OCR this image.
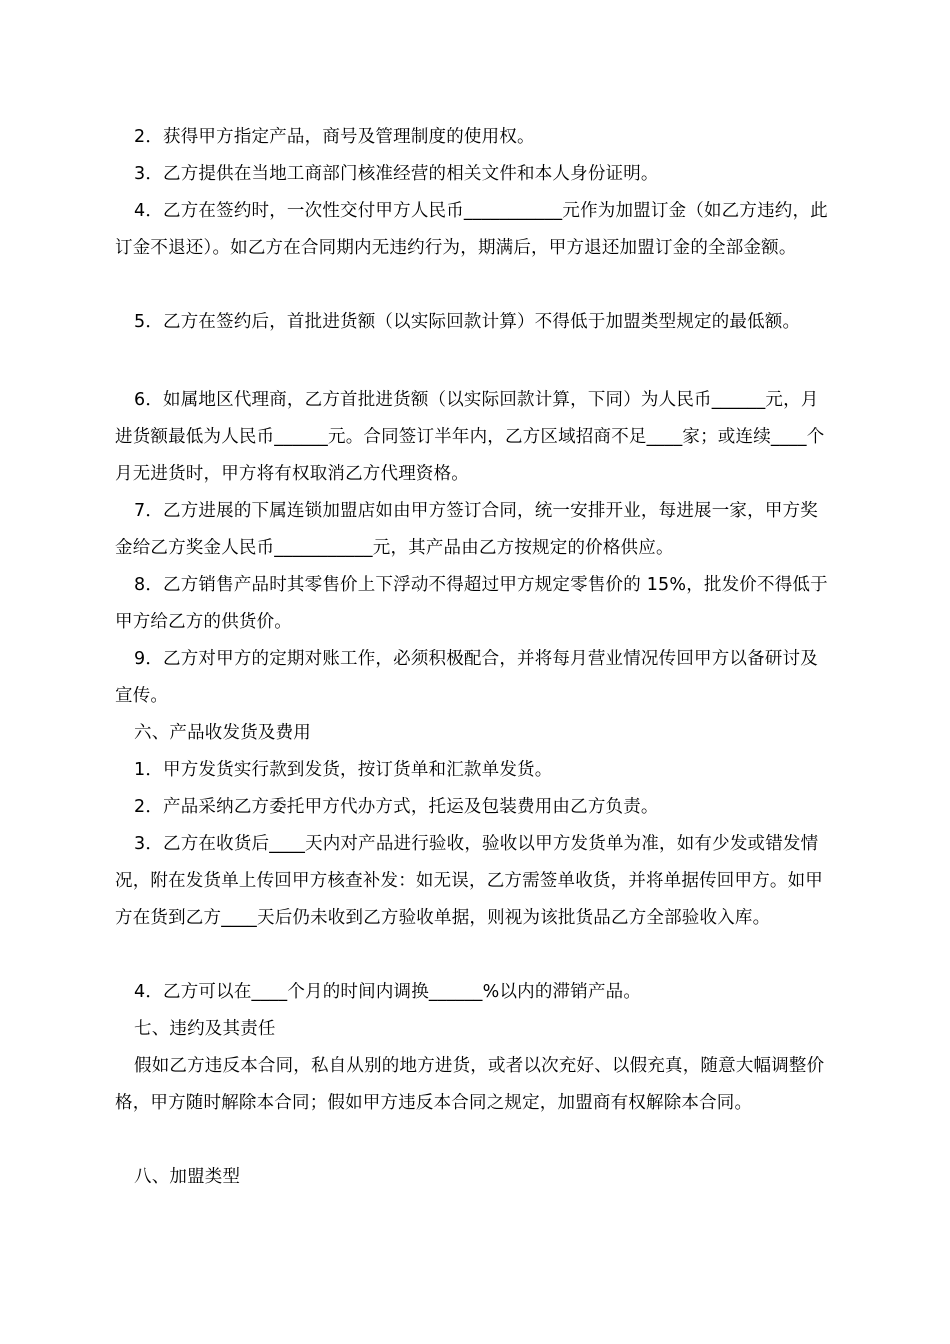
2．获得甲方指定产品，商号及管理制度的使用权。

3．乙方提供在当地工商部门核准经营的相关文件和本人身份证明。

4．乙方在签约时，一次性交付甲方人民币___________元作为加盟订金（如乙方违约，此订金不退还）。如乙方在合同期内无违约行为，期满后，甲方退还加盟订金的全部金额。

5．乙方在签约后，首批进货额（以实际回款计算）不得低于加盟类型规定的最低额。

6．如属地区代理商，乙方首批进货额（以实际回款计算，下同）为人民币______元，月进货额最低为人民币______元。合同签订半年内，乙方区域招商不足____家；或连续____个月无进货时，甲方将有权取消乙方代理资格。

7．乙方进展的下属连锁加盟店如由甲方签订合同，统一安排开业，每进展一家，甲方奖金给乙方奖金人民币___________元，其产品由乙方按规定的价格供应。

8．乙方销售产品时其零售价上下浮动不得超过甲方规定零售价的 15%，批发价不得低于甲方给乙方的供货价。

9．乙方对甲方的定期对账工作，必须积极配合，并将每月营业情况传回甲方以备研讨及宣传。

六、产品收发货及费用

1．甲方发货实行款到发货，按订货单和汇款单发货。

2．产品采纳乙方委托甲方代办方式，托运及包装费用由乙方负责。

3．乙方在收货后____天内对产品进行验收，验收以甲方发货单为准，如有少发或错发情况，附在发货单上传回甲方核查补发：如无误，乙方需签单收货，并将单据传回甲方。如甲方在货到乙方____天后仍未收到乙方验收单据，则视为该批货品乙方全部验收入库。

4．乙方可以在____个月的时间内调换______%以内的滞销产品。

七、违约及其责任

假如乙方违反本合同，私自从别的地方进货，或者以次充好、以假充真，随意大幅调整价格，甲方随时解除本合同；假如甲方违反本合同之规定，加盟商有权解除本合同。

八、加盟类型
